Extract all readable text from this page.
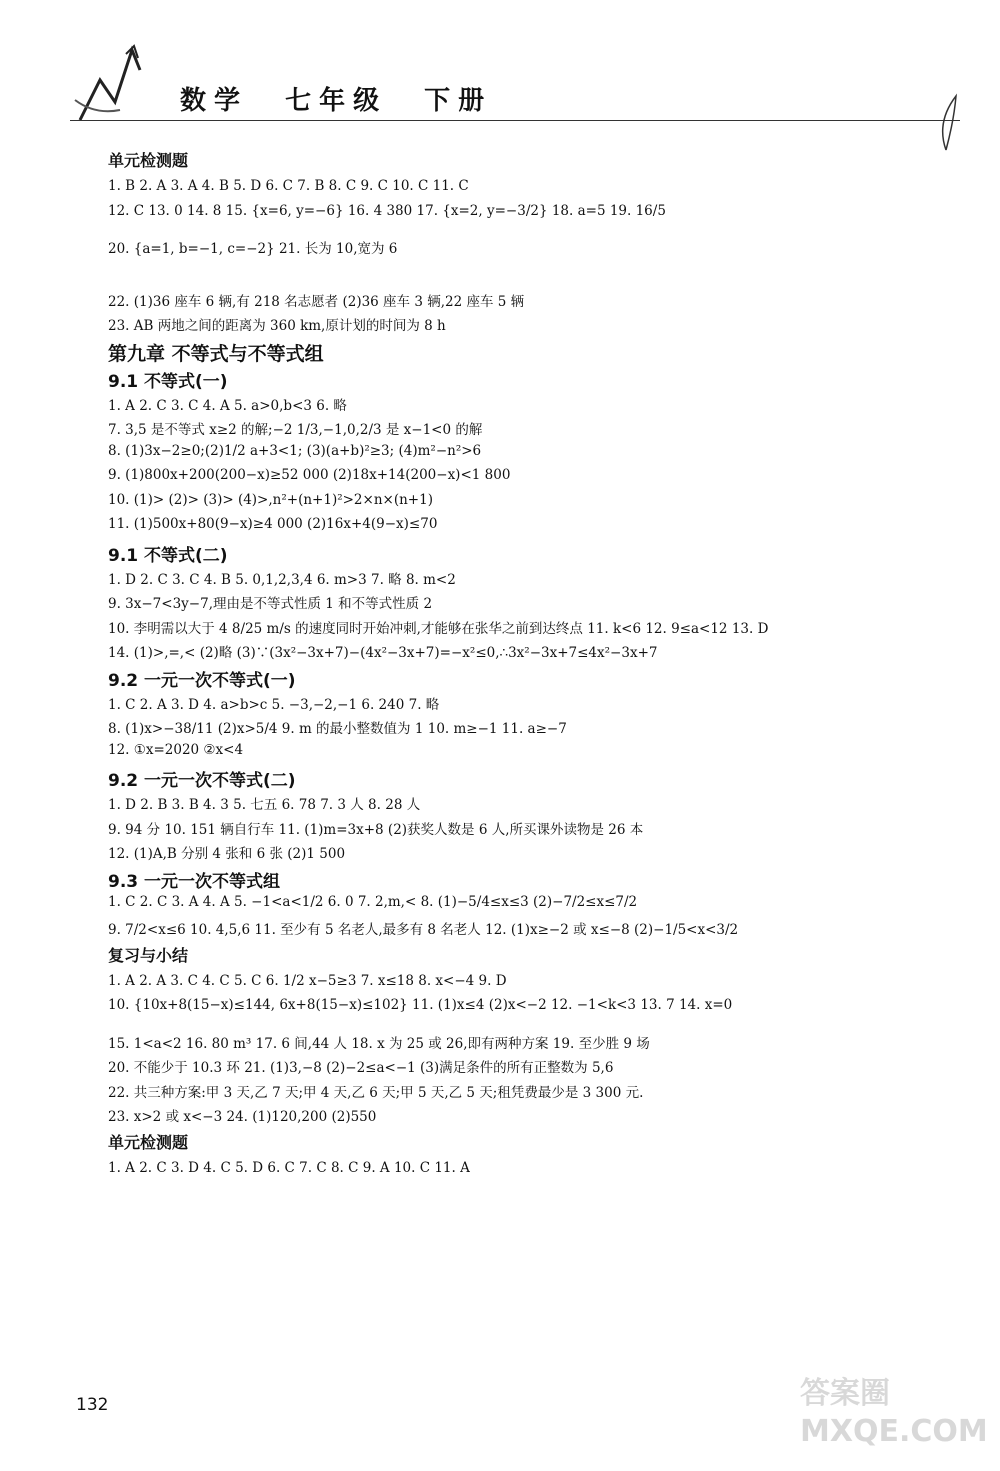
数学 七年级 下册
单元检测题
1. B 2. A 3. A 4. B 5. D 6. C 7. B 8. C 9. C 10. C 11. C
12. C 13. 0 14. 8 15. {x=6, y=−6} 16. 4 380 17. {x=2, y=−3/2} 18. a=5 19. 16/5
20. {a=1, b=−1, c=−2} 21. 长为 10,宽为 6
22. (1)36 座车 6 辆,有 218 名志愿者 (2)36 座车 3 辆,22 座车 5 辆
23. AB 两地之间的距离为 360 km,原计划的时间为 8 h
第九章 不等式与不等式组
9.1 不等式(一)
1. A 2. C 3. C 4. A 5. a>0,b<3 6. 略
7. 3,5 是不等式 x≥2 的解;−2 1/3,−1,0,2/3 是 x−1<0 的解
8. (1)3x−2≥0;(2)1/2 a+3<1; (3)(a+b)²≥3; (4)m²−n²>6
9. (1)800x+200(200−x)≥52 000 (2)18x+14(200−x)<1 800
10. (1)> (2)> (3)> (4)>,n²+(n+1)²>2×n×(n+1)
11. (1)500x+80(9−x)≥4 000 (2)16x+4(9−x)≤70
9.1 不等式(二)
1. D 2. C 3. C 4. B 5. 0,1,2,3,4 6. m>3 7. 略 8. m<2
9. 3x−7<3y−7,理由是不等式性质 1 和不等式性质 2
10. 李明需以大于 4 8/25 m/s 的速度同时开始冲刺,才能够在张华之前到达终点 11. k<6 12. 9≤a<12 13. D
14. (1)>,=,< (2)略 (3)∵(3x²−3x+7)−(4x²−3x+7)=−x²≤0,∴3x²−3x+7≤4x²−3x+7
9.2 一元一次不等式(一)
1. C 2. A 3. D 4. a>b>c 5. −3,−2,−1 6. 240 7. 略
8. (1)x>−38/11 (2)x>5/4 9. m 的最小整数值为 1 10. m≥−1 11. a≥−7
12. ①x=2020 ②x<4
9.2 一元一次不等式(二)
1. D 2. B 3. B 4. 3 5. 七五 6. 78 7. 3 人 8. 28 人
9. 94 分 10. 151 辆自行车 11. (1)m=3x+8 (2)获奖人数是 6 人,所买课外读物是 26 本
12. (1)A,B 分别 4 张和 6 张 (2)1 500
9.3 一元一次不等式组
1. C 2. C 3. A 4. A 5. −1<a<1/2 6. 0 7. 2,m,< 8. (1)−5/4≤x≤3 (2)−7/2≤x≤7/2
9. 7/2<x≤6 10. 4,5,6 11. 至少有 5 名老人,最多有 8 名老人 12. (1)x≥−2 或 x≤−8 (2)−1/5<x<3/2
复习与小结
1. A 2. A 3. C 4. C 5. C 6. 1/2 x−5≥3 7. x≤18 8. x<−4 9. D
10. {10x+8(15−x)≤144, 6x+8(15−x)≤102} 11. (1)x≤4 (2)x<−2 12. −1<k<3 13. 7 14. x=0
15. 1<a<2 16. 80 m³ 17. 6 间,44 人 18. x 为 25 或 26,即有两种方案 19. 至少胜 9 场
20. 不能少于 10.3 环 21. (1)3,−8 (2)−2≤a<−1 (3)满足条件的所有正整数为 5,6
22. 共三种方案:甲 3 天,乙 7 天;甲 4 天,乙 6 天;甲 5 天,乙 5 天;租凭费最少是 3 300 元.
23. x>2 或 x<−3 24. (1)120,200 (2)550
单元检测题
1. A 2. C 3. D 4. C 5. D 6. C 7. C 8. C 9. A 10. C 11. A
132	答案圈 MXQE.COM
